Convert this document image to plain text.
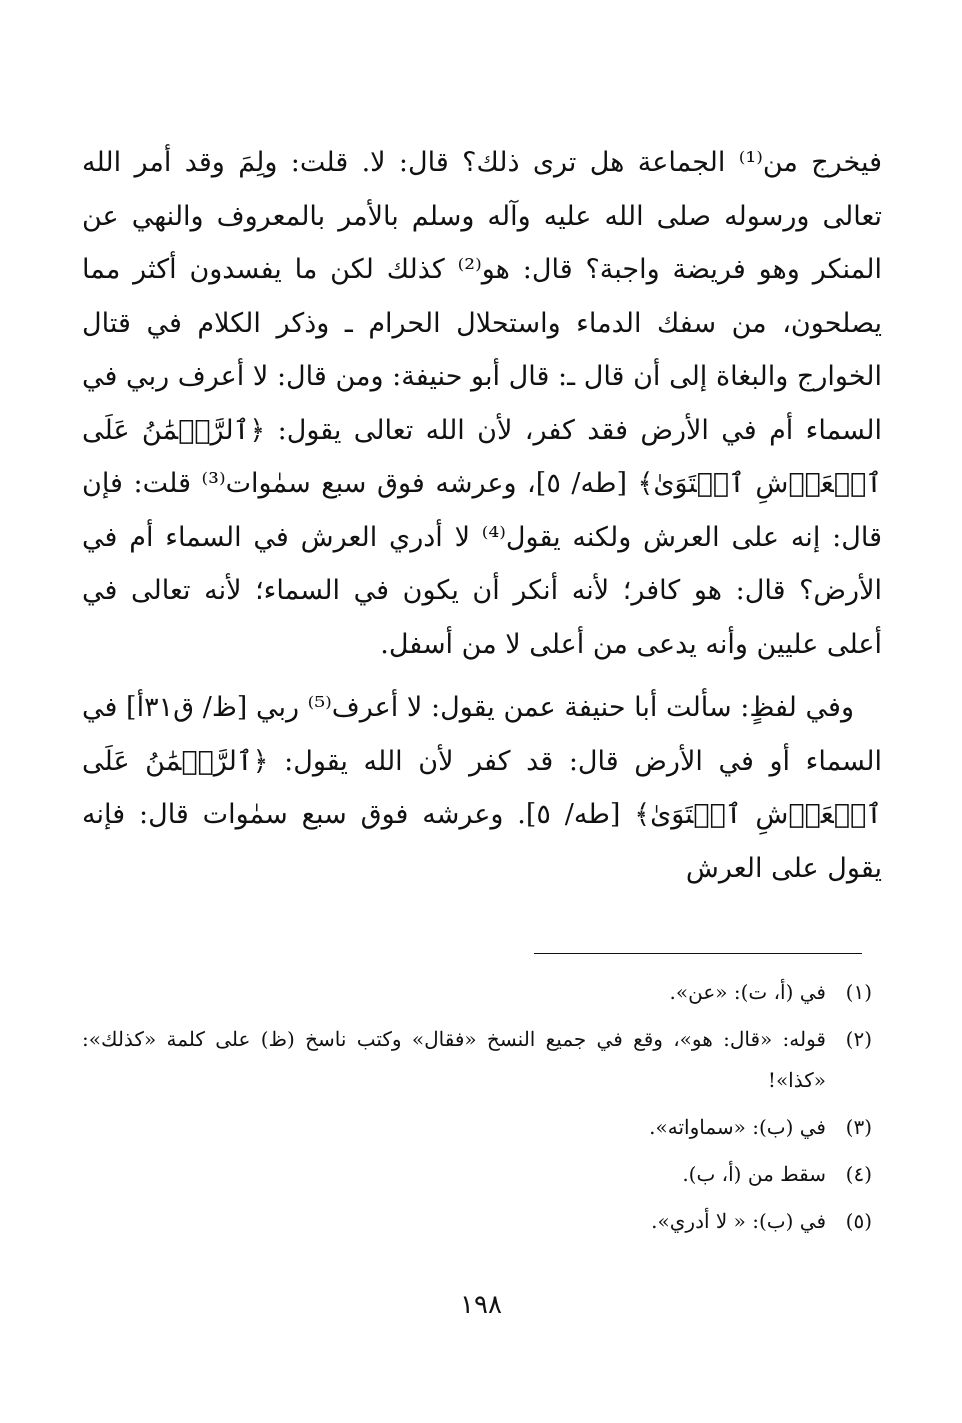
فيخرج من⁽¹⁾ الجماعة هل ترى ذلك؟ قال: لا. قلت: ولِمَ وقد أمر الله تعالى ورسوله صلى الله عليه وآله وسلم بالأمر بالمعروف والنهي عن المنكر وهو فريضة واجبة؟ قال: هو⁽²⁾ كذلك لكن ما يفسدون أكثر مما يصلحون، من سفك الدماء واستحلال الحرام ـ وذكر الكلام في قتال الخوارج والبغاة إلى أن قال ـ: قال أبو حنيفة: ومن قال: لا أعرف ربي في السماء أم في الأرض فقد كفر، لأن الله تعالى يقول: ﴿ٱلرَّحۡمَٰنُ عَلَى ٱلۡعَرۡشِ ٱسۡتَوَىٰ﴾ [طه/ ٥]، وعرشه فوق سبع سمٰوات⁽³⁾ قلت: فإن قال: إنه على العرش ولكنه يقول⁽⁴⁾ لا أدري العرش في السماء أم في الأرض؟ قال: هو كافر؛ لأنه أنكر أن يكون في السماء؛ لأنه تعالى في أعلى عليين وأنه يدعى من أعلى لا من أسفل.

وفي لفظٍ: سألت أبا حنيفة عمن يقول: لا أعرف⁽⁵⁾ ربي [ظ/ ق٣١أ] في السماء أو في الأرض قال: قد كفر لأن الله يقول: ﴿ٱلرَّحۡمَٰنُ عَلَى ٱلۡعَرۡشِ ٱسۡتَوَىٰ﴾ [طه/ ٥]. وعرشه فوق سبع سمٰوات قال: فإنه يقول على العرش

(١)
في (أ، ت): «عن».
(٢)
قوله: «قال: هو»، وقع في جميع النسخ «فقال» وكتب ناسخ (ظ) على كلمة «كذلك»: «كذا»!
(٣)
في (ب): «سماواته».
(٤)
سقط من (أ، ب).
(٥)
في (ب): « لا أدري».
١٩٨
